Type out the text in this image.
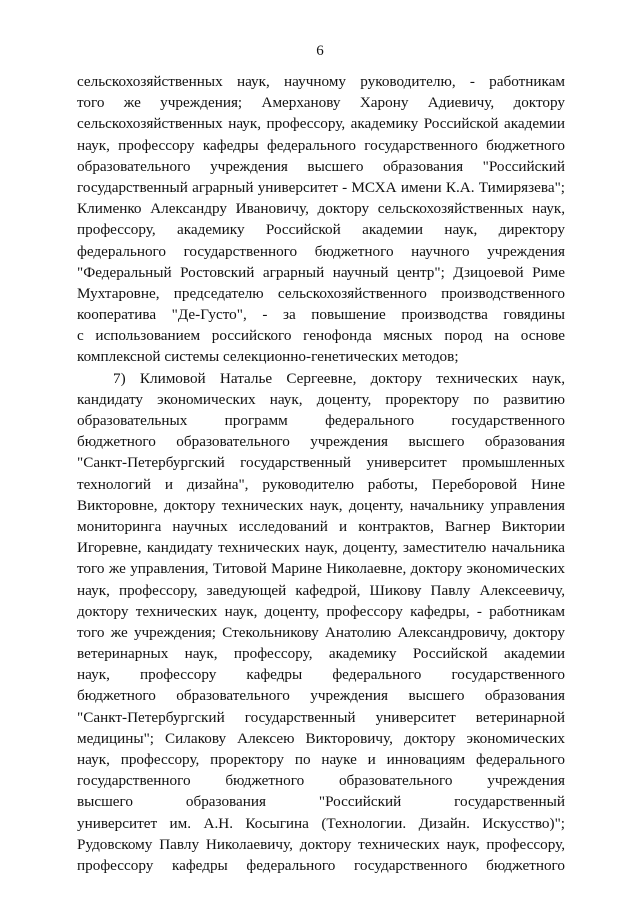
6
сельскохозяйственных наук, научному руководителю, - работникам
того же учреждения; Амерханову Харону Адиевичу, доктору
сельскохозяйственных наук, профессору, академику Российской академии
наук, профессору кафедры федерального государственного бюджетного
образовательного учреждения высшего образования "Российский
государственный аграрный университет - МСХА имени К.А. Тимирязева";
Клименко Александру Ивановичу, доктору сельскохозяйственных наук,
профессору, академику Российской академии наук, директору
федерального государственного бюджетного научного учреждения
"Федеральный Ростовский аграрный научный центр"; Дзицоевой Риме
Мухтаровне, председателю сельскохозяйственного производственного
кооператива "Де-Густо", - за повышение производства говядины
с использованием российского генофонда мясных пород на основе
комплексной системы селекционно-генетических методов;
7) Климовой Наталье Сергеевне, доктору технических наук,
кандидату экономических наук, доценту, проректору по развитию
образовательных программ федерального государственного
бюджетного образовательного учреждения высшего образования
"Санкт-Петербургский государственный университет промышленных
технологий и дизайна", руководителю работы, Переборовой Нине
Викторовне, доктору технических наук, доценту, начальнику управления
мониторинга научных исследований и контрактов, Вагнер Виктории
Игоревне, кандидату технических наук, доценту, заместителю начальника
того же управления, Титовой Марине Николаевне, доктору экономических
наук, профессору, заведующей кафедрой, Шикову Павлу Алексеевичу,
доктору технических наук, доценту, профессору кафедры, - работникам
того же учреждения; Стекольникову Анатолию Александровичу, доктору
ветеринарных наук, профессору, академику Российской академии
наук, профессору кафедры федерального государственного
бюджетного образовательного учреждения высшего образования
"Санкт-Петербургский государственный университет ветеринарной
медицины"; Силакову Алексею Викторовичу, доктору экономических
наук, профессору, проректору по науке и инновациям федерального
государственного бюджетного образовательного учреждения
высшего образования "Российский государственный
университет им. А.Н. Косыгина (Технологии. Дизайн. Искусство)";
Рудовскому Павлу Николаевичу, доктору технических наук, профессору,
профессору кафедры федерального государственного бюджетного
